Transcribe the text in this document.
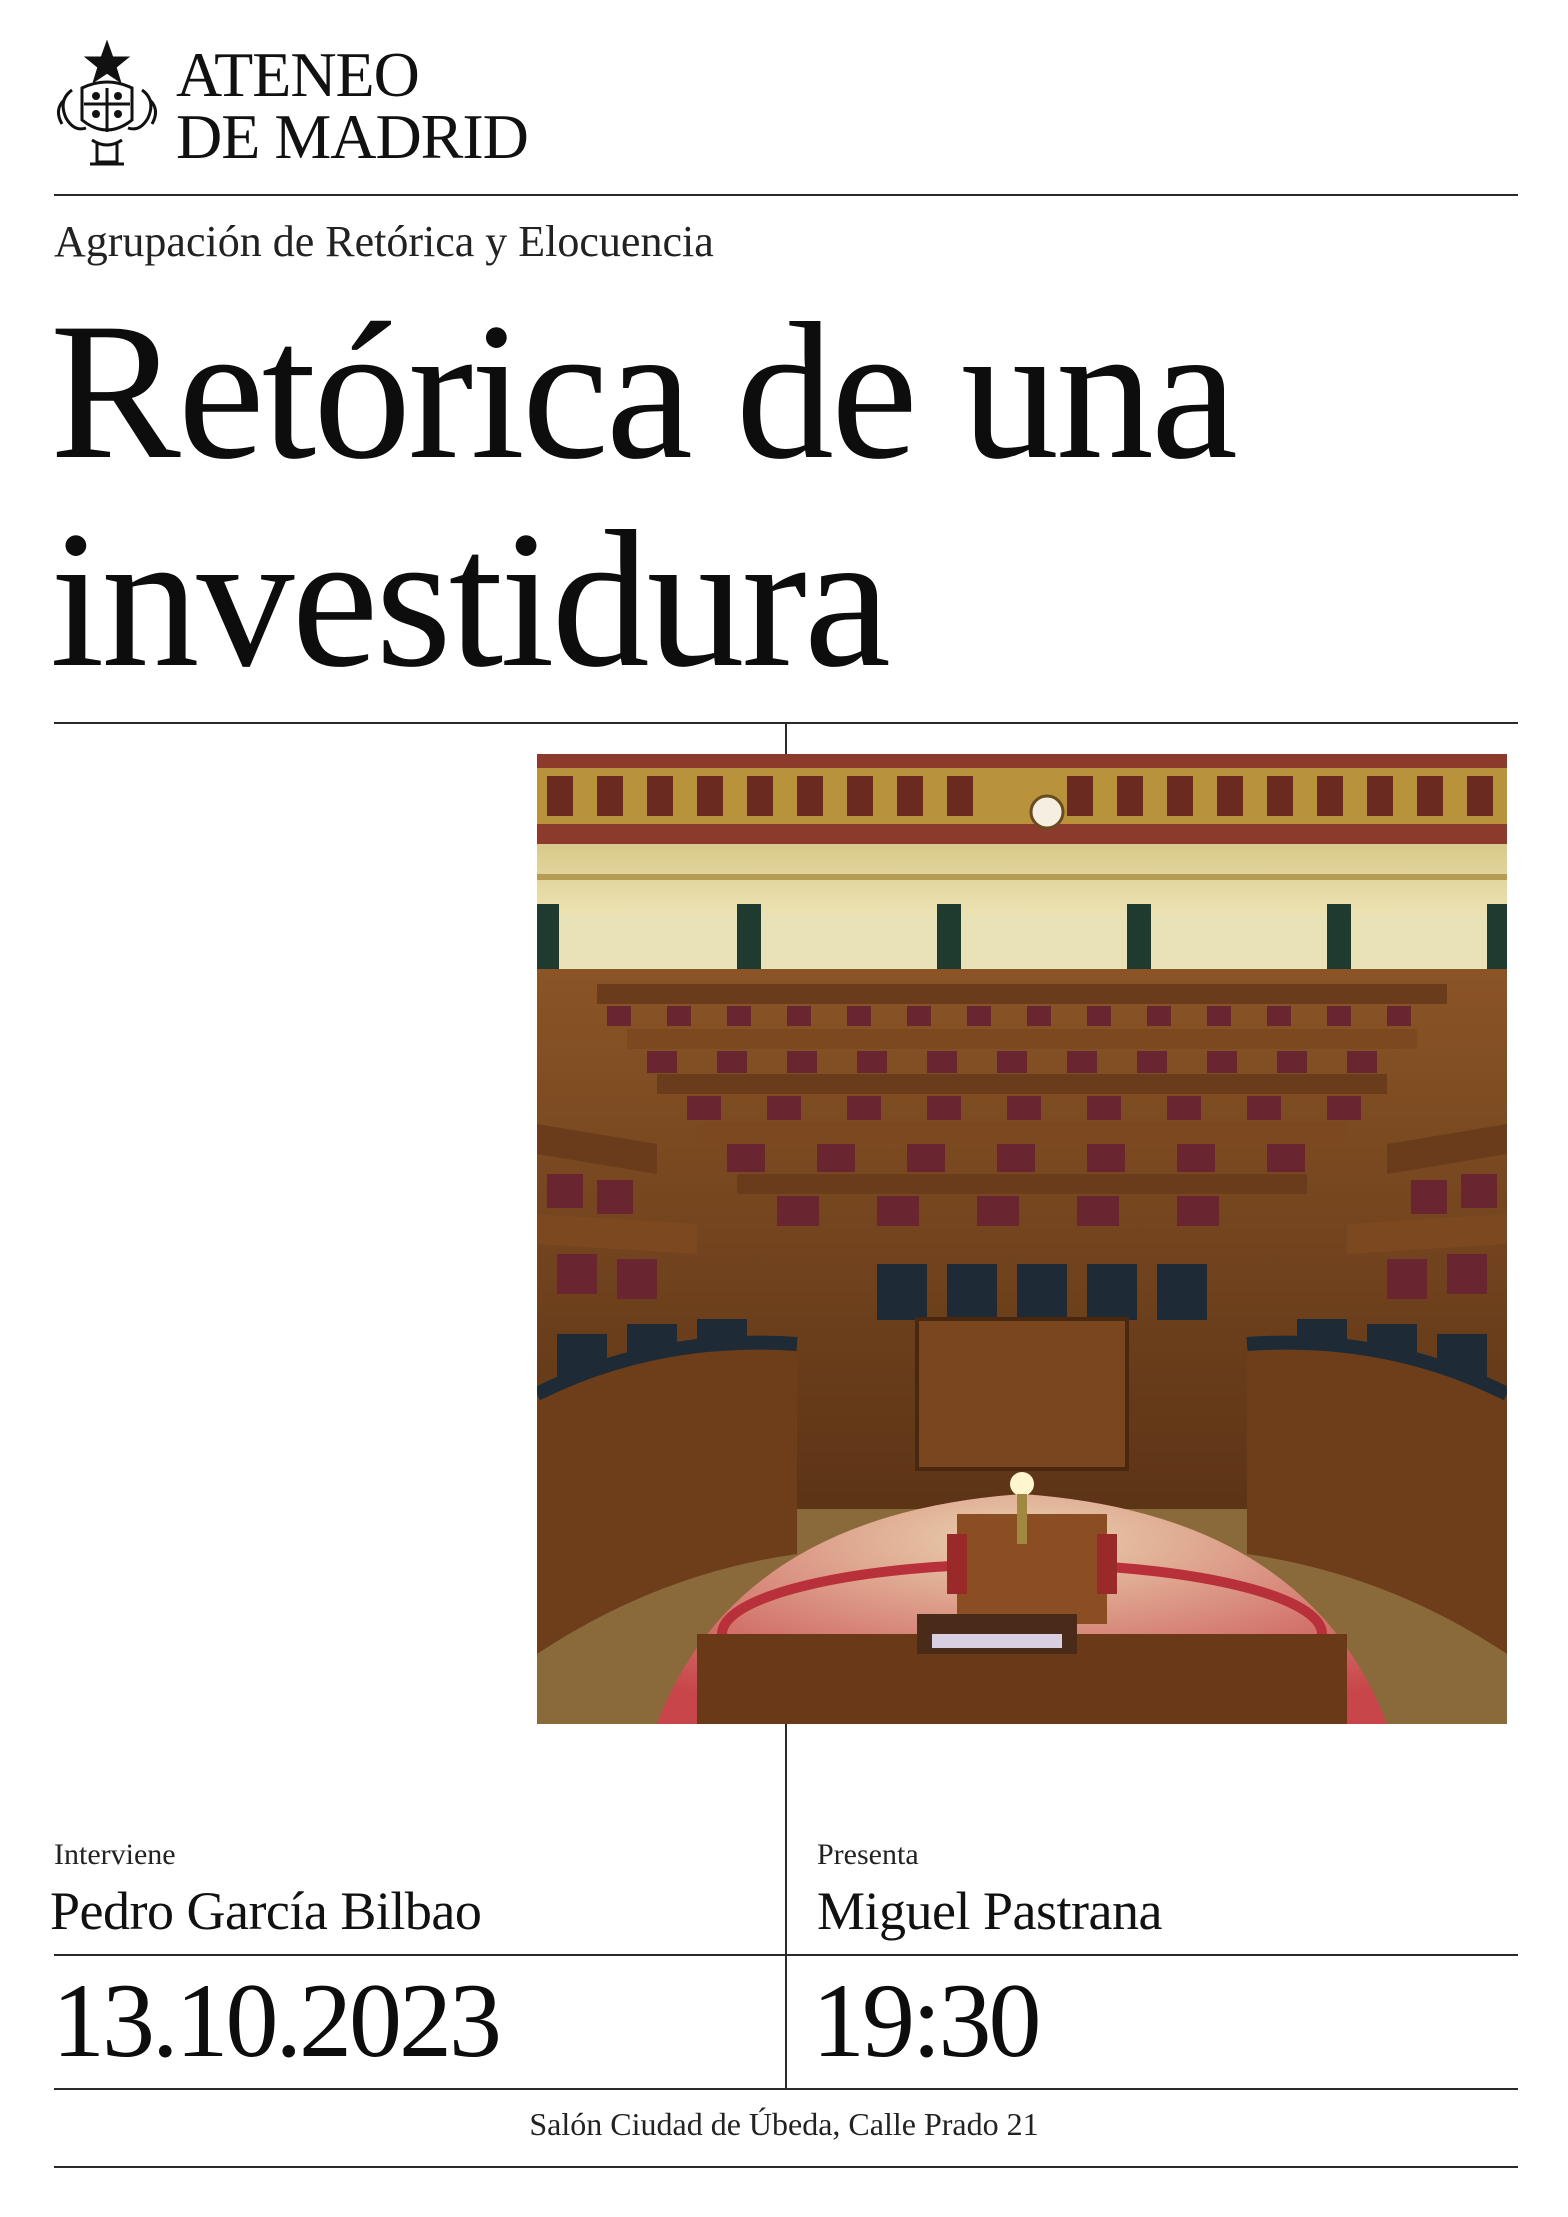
ATENEO
DE MADRID
Agrupación de Retórica y Elocuencia
Retórica de una
investidura
Interviene
Pedro García Bilbao
Presenta
Miguel Pastrana
13.10.2023	19:30
Salón Ciudad de Úbeda, Calle Prado 21
